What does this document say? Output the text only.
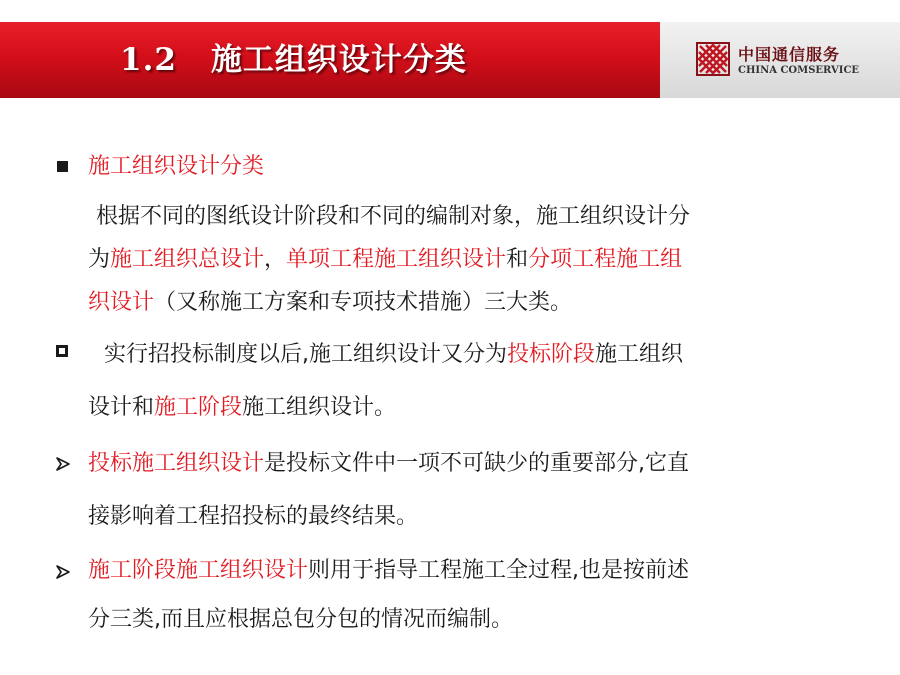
1.2 施工组织设计分类	中国通信服务
CHINA COMSERVICE
施工组织设计分类
根据不同的图纸设计阶段和不同的编制对象，施工组织设计分
为施工组织总设计，单项工程施工组织设计和分项工程施工组
织设计（又称施工方案和专项技术措施）三大类。
实行招投标制度以后,施工组织设计又分为投标阶段施工组织
设计和施工阶段施工组织设计。
投标施工组织设计是投标文件中一项不可缺少的重要部分,它直
接影响着工程招投标的最终结果。
施工阶段施工组织设计则用于指导工程施工全过程,也是按前述
分三类,而且应根据总包分包的情况而编制。
